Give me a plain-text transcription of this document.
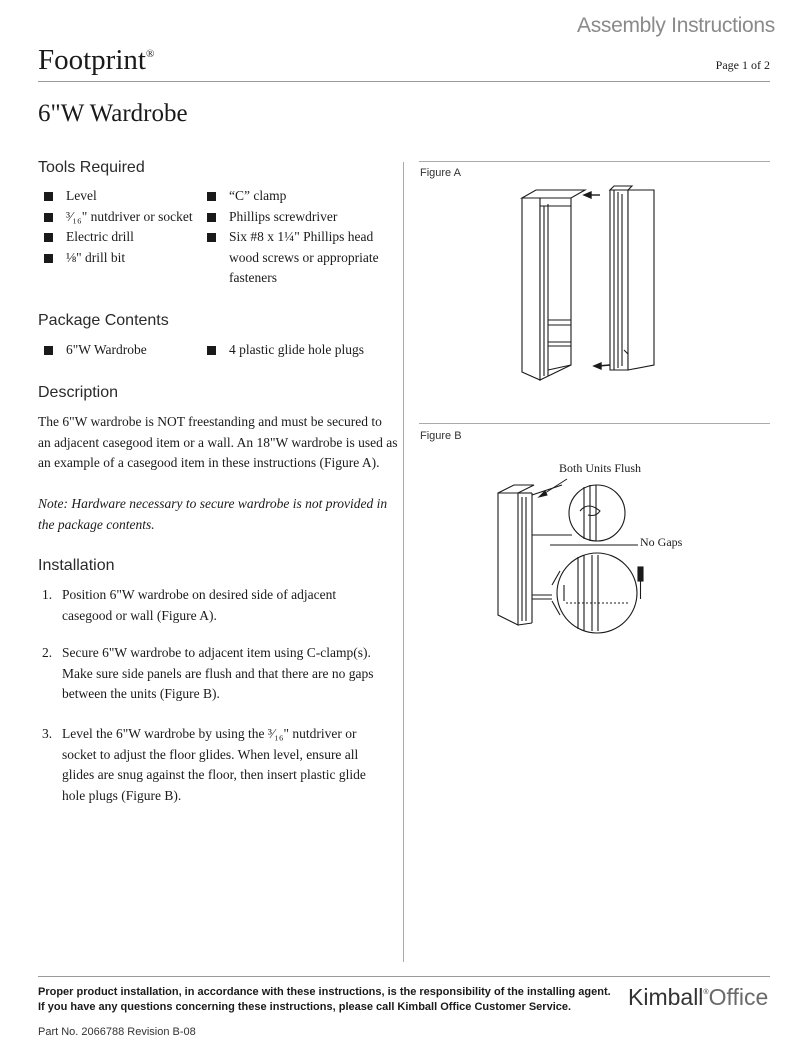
Assembly Instructions
Footprint®
Page 1 of 2
6"W Wardrobe
Tools Required
Level
³⁄₁₆" nutdriver or socket
Electric drill
⅛" drill bit
“C” clamp
Phillips screwdriver
Six #8 x 1¼" Phillips head wood screws or appropriate fasteners
Package Contents
6"W Wardrobe	4 plastic glide hole plugs
Description
The 6"W wardrobe is NOT freestanding and must be secured to an adjacent casegood item or a wall. An 18"W wardrobe is used as an example of a casegood item in these instructions (Figure A).
Note: Hardware necessary to secure wardrobe is not provided in the package contents.
Installation
1. Position 6"W wardrobe on desired side of adjacent casegood or wall (Figure A).
2. Secure 6"W wardrobe to adjacent item using C-clamp(s). Make sure side panels are flush and that there are no gaps between the units (Figure B).
3. Level the 6"W wardrobe by using the ³⁄₁₆" nutdriver or socket to adjust the floor glides. When level, ensure all glides are snug against the floor, then insert plastic glide hole plugs (Figure B).
Figure A
Figure B
Both Units Flush
No Gaps
Proper product installation, in accordance with these instructions, is the responsibility of the installing agent. If you have any questions concerning these instructions, please call Kimball Office Customer Service.	Kimball®Office
Part No. 2066788 Revision B-08
